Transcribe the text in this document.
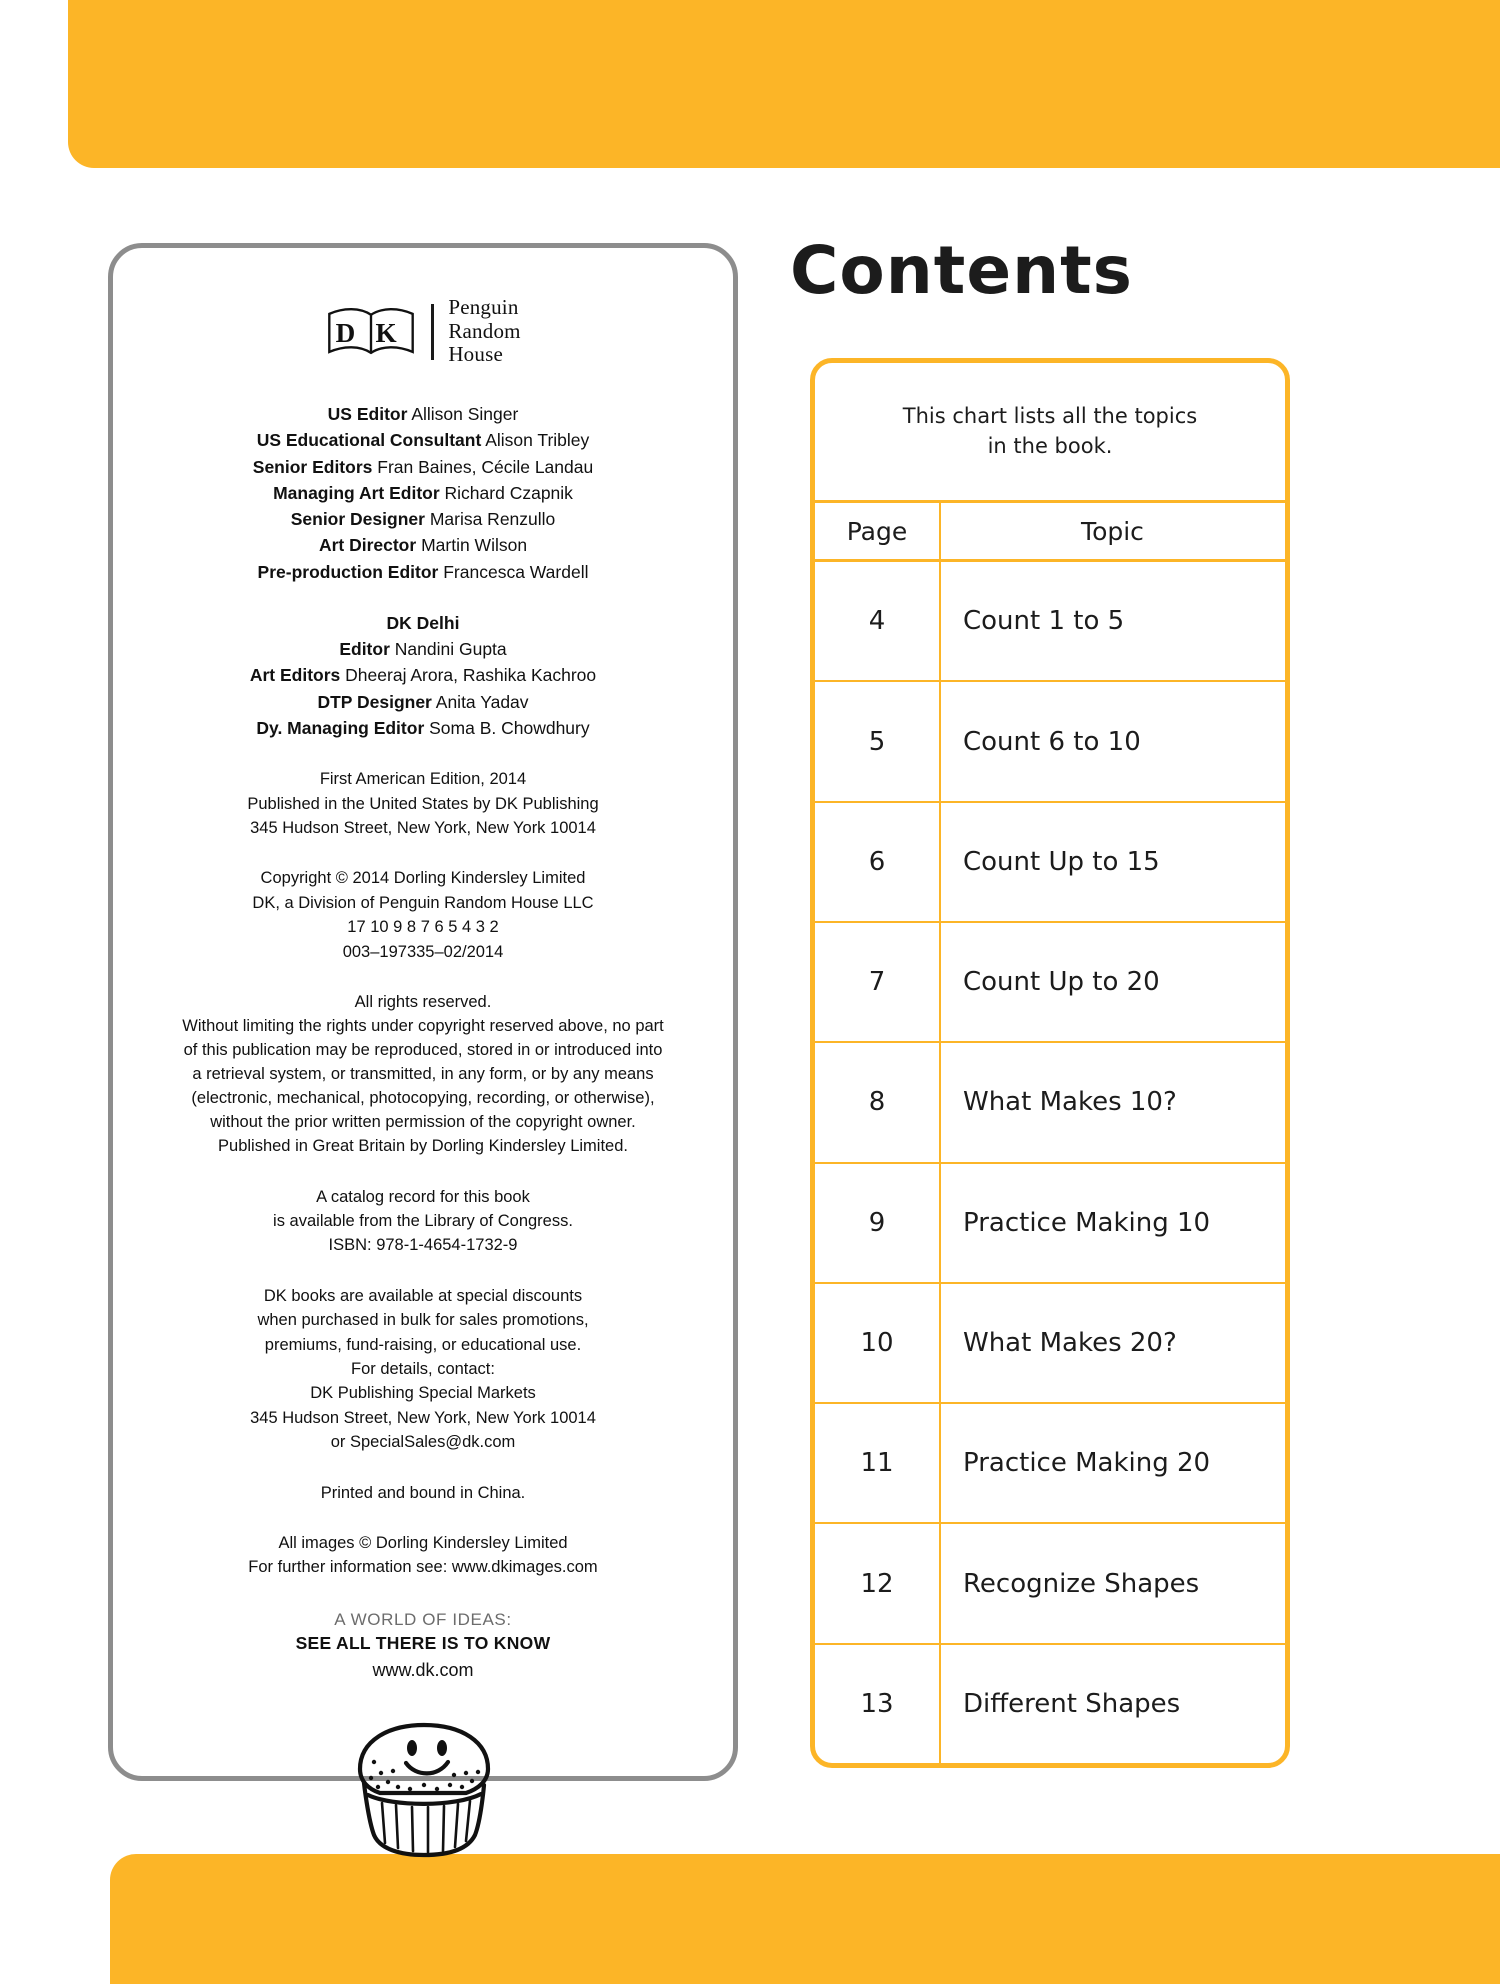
D K
Penguin
Random
House
US Editor Allison Singer
US Educational Consultant Alison Tribley
Senior Editors Fran Baines, Cécile Landau
Managing Art Editor Richard Czapnik
Senior Designer Marisa Renzullo
Art Director Martin Wilson
Pre-production Editor Francesca Wardell
DK Delhi
Editor Nandini Gupta
Art Editors Dheeraj Arora, Rashika Kachroo
DTP Designer Anita Yadav
Dy. Managing Editor Soma B. Chowdhury
First American Edition, 2014
Published in the United States by DK Publishing
345 Hudson Street, New York, New York 10014
Copyright © 2014 Dorling Kindersley Limited
DK, a Division of Penguin Random House LLC
17 10 9 8 7 6 5 4 3 2
003–197335–02/2014
All rights reserved.
Without limiting the rights under copyright reserved above, no part
of this publication may be reproduced, stored in or introduced into
a retrieval system, or transmitted, in any form, or by any means
(electronic, mechanical, photocopying, recording, or otherwise),
without the prior written permission of the copyright owner.
Published in Great Britain by Dorling Kindersley Limited.
A catalog record for this book
is available from the Library of Congress.
ISBN: 978-1-4654-1732-9
DK books are available at special discounts
when purchased in bulk for sales promotions,
premiums, fund-raising, or educational use.
For details, contact:
DK Publishing Special Markets
345 Hudson Street, New York, New York 10014
or SpecialSales@dk.com
Printed and bound in China.
All images © Dorling Kindersley Limited
For further information see: www.dkimages.com
A WORLD OF IDEAS:
SEE ALL THERE IS TO KNOW
www.dk.com
Contents
This chart lists all the topics
in the book.
Page	Topic
4	Count 1 to 5
5	Count 6 to 10
6	Count Up to 15
7	Count Up to 20
8	What Makes 10?
9	Practice Making 10
10	What Makes 20?
11	Practice Making 20
12	Recognize Shapes
13	Different Shapes
